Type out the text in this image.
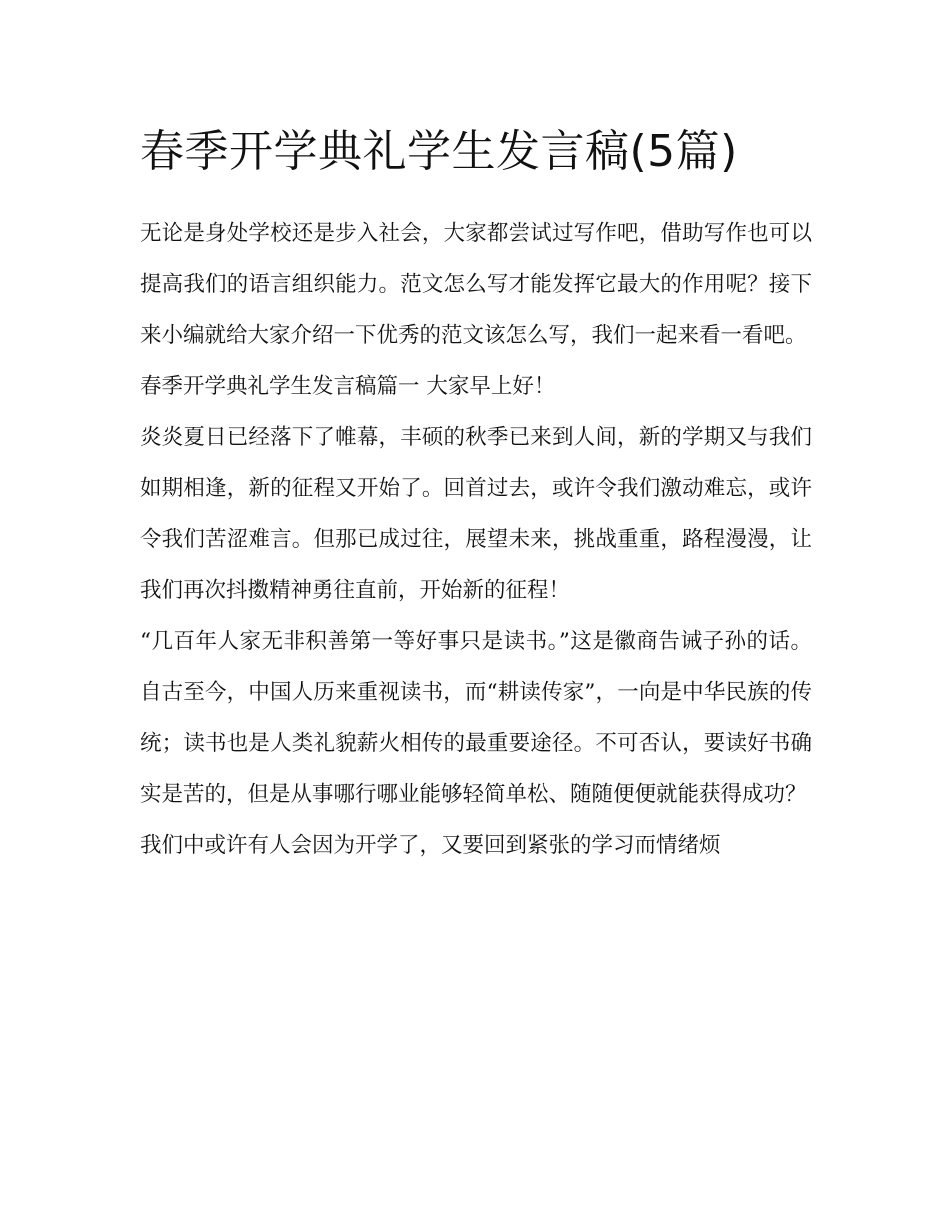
春季开学典礼学生发言稿(5篇)

无论是身处学校还是步入社会，大家都尝试过写作吧，借助写作也可以提高我们的语言组织能力。范文怎么写才能发挥它最大的作用呢？接下来小编就给大家介绍一下优秀的范文该怎么写，我们一起来看一看吧。

春季开学典礼学生发言稿篇一 大家早上好！

炎炎夏日已经落下了帷幕，丰硕的秋季已来到人间，新的学期又与我们如期相逢，新的征程又开始了。回首过去，或许令我们激动难忘，或许令我们苦涩难言。但那已成过往，展望未来，挑战重重，路程漫漫，让我们再次抖擞精神勇往直前，开始新的征程！

“几百年人家无非积善第一等好事只是读书。”这是徽商告诫子孙的话。自古至今，中国人历来重视读书，而“耕读传家”，一向是中华民族的传统；读书也是人类礼貌薪火相传的最重要途径。不可否认，要读好书确实是苦的，但是从事哪行哪业能够轻简单松、随随便便就能获得成功？

我们中或许有人会因为开学了，又要回到紧张的学习而情绪烦
